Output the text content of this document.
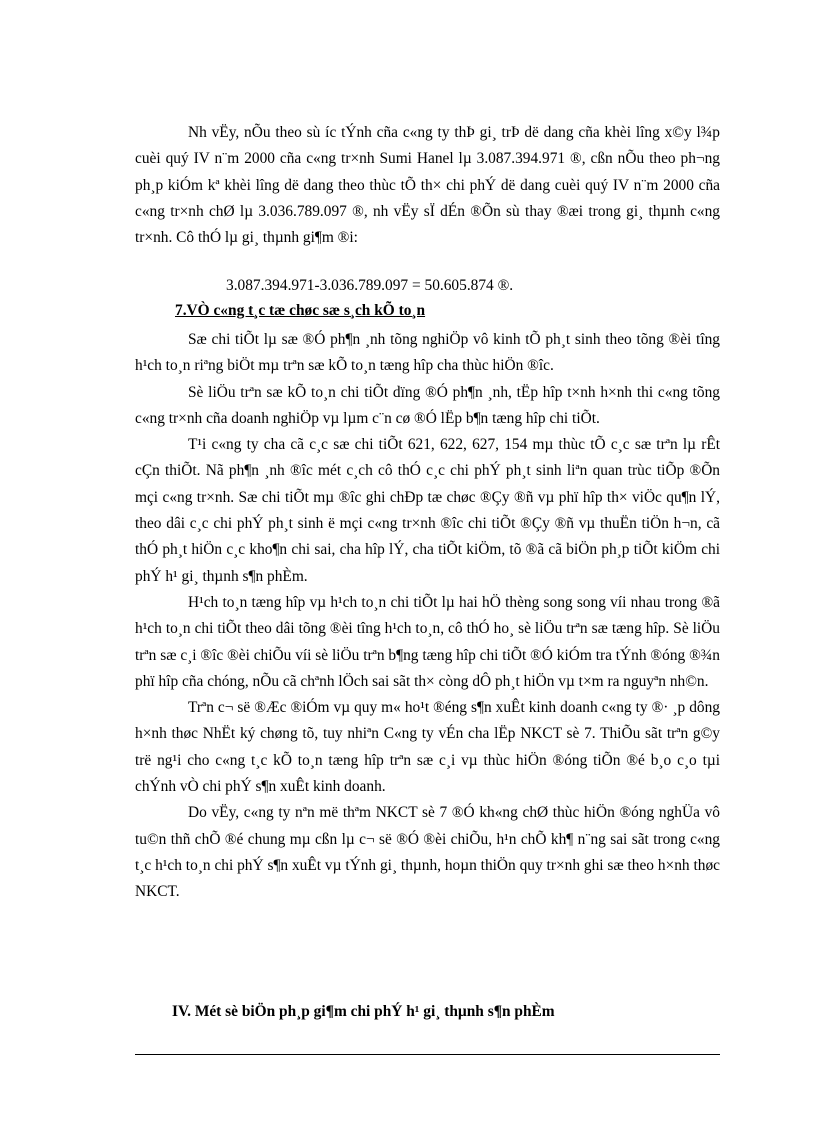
Nh vËy, nÕu theo sù íc tÝnh cña c«ng ty thÞ gi¸ trÞ dë dang cña khèi lîng x©y l¾p cuèi quý IV n¨m 2000 cña c«ng tr×nh Sumi Hanel lµ 3.087.394.971 ®, cßn nÕu theo ph¬ng ph¸p kiÓm kª khèi lîng dë dang theo thùc tÕ th× chi phÝ dë dang cuèi quý IV n¨m 2000 cña c«ng tr×nh chØ lµ 3.036.789.097 ®, nh vËy sÏ dÉn ®Õn sù thay ®æi trong gi¸ thµnh c«ng tr×nh. Cô thÓ lµ gi¸ thµnh gi¶m ®i:

3.087.394.971-3.036.789.097 = 50.605.874 ®.
7.VÒ c«ng t¸c tæ chøc sæ s¸ch kÕ to¸n

Sæ chi tiÕt lµ sæ ®Ó ph¶n ¸nh tõng nghiÖp vô kinh tÕ ph¸t sinh theo tõng ®èi tîng h¹ch to¸n riªng biÖt mµ trªn sæ kÕ to¸n tæng hîp cha thùc hiÖn ®îc.

Sè liÖu trªn sæ kÕ to¸n chi tiÕt dïng ®Ó ph¶n ¸nh, tËp hîp t×nh h×nh thi c«ng tõng c«ng tr×nh cña doanh nghiÖp vµ lµm c¨n cø ®Ó lËp b¶n tæng hîp chi tiÕt.

T¹i c«ng ty cha cã c¸c sæ chi tiÕt 621, 622, 627, 154 mµ thùc tÕ c¸c sæ trªn lµ rÊt cÇn thiÕt. Nã ph¶n ¸nh ®îc mét c¸ch cô thÓ c¸c chi phÝ ph¸t sinh liªn quan trùc tiÕp ®Õn mçi c«ng tr×nh. Sæ chi tiÕt mµ ®îc ghi chÐp tæ chøc ®Çy ®ñ vµ phï hîp th× viÖc qu¶n lÝ, theo dâi c¸c chi phÝ ph¸t sinh ë mçi c«ng tr×nh ®îc chi tiÕt ®Çy ®ñ vµ thuËn tiÖn h¬n, cã thÓ ph¸t hiÖn c¸c kho¶n chi sai, cha hîp lÝ, cha tiÕt kiÖm, tõ ®ã cã biÖn ph¸p tiÕt kiÖm chi phÝ h¹ gi¸ thµnh s¶n phÈm.

H¹ch to¸n tæng hîp vµ h¹ch to¸n chi tiÕt lµ hai hÖ thèng song song víi nhau trong ®ã h¹ch to¸n chi tiÕt theo dâi tõng ®èi tîng h¹ch to¸n, cô thÓ ho¸ sè liÖu trªn sæ tæng hîp. Sè liÖu trªn sæ c¸i ®îc ®èi chiÕu víi sè liÖu trªn b¶ng tæng hîp chi tiÕt ®Ó kiÓm tra tÝnh ®óng ®¾n phï hîp cña chóng, nÕu cã chªnh lÖch sai sãt th× còng dÔ ph¸t hiÖn vµ t×m ra nguyªn nh©n.

Trªn c¬ së ®Æc ®iÓm vµ quy m« ho¹t ®éng s¶n xuÊt kinh doanh c«ng ty ®· ¸p dông h×nh thøc NhËt ký chøng tõ, tuy nhiªn C«ng ty vÉn cha lËp NKCT sè 7. ThiÕu sãt trªn g©y trë ng¹i cho c«ng t¸c kÕ to¸n tæng hîp trªn sæ c¸i vµ thùc hiÖn ®óng tiÕn ®é b¸o c¸o tµi chÝnh vÒ chi phÝ s¶n xuÊt kinh doanh.

Do vËy, c«ng ty nªn më thªm NKCT sè 7 ®Ó kh«ng chØ thùc hiÖn ®óng nghÜa vô tu©n thñ chÕ ®é chung mµ cßn lµ c¬ së ®Ó ®èi chiÕu, h¹n chÕ kh¶ n¨ng sai sãt trong c«ng t¸c h¹ch to¸n chi phÝ s¶n xuÊt vµ tÝnh gi¸ thµnh, hoµn thiÖn quy tr×nh ghi sæ theo h×nh thøc NKCT.

IV. Mét sè biÖn ph¸p gi¶m chi phÝ h¹ gi¸ thµnh s¶n phÈm
